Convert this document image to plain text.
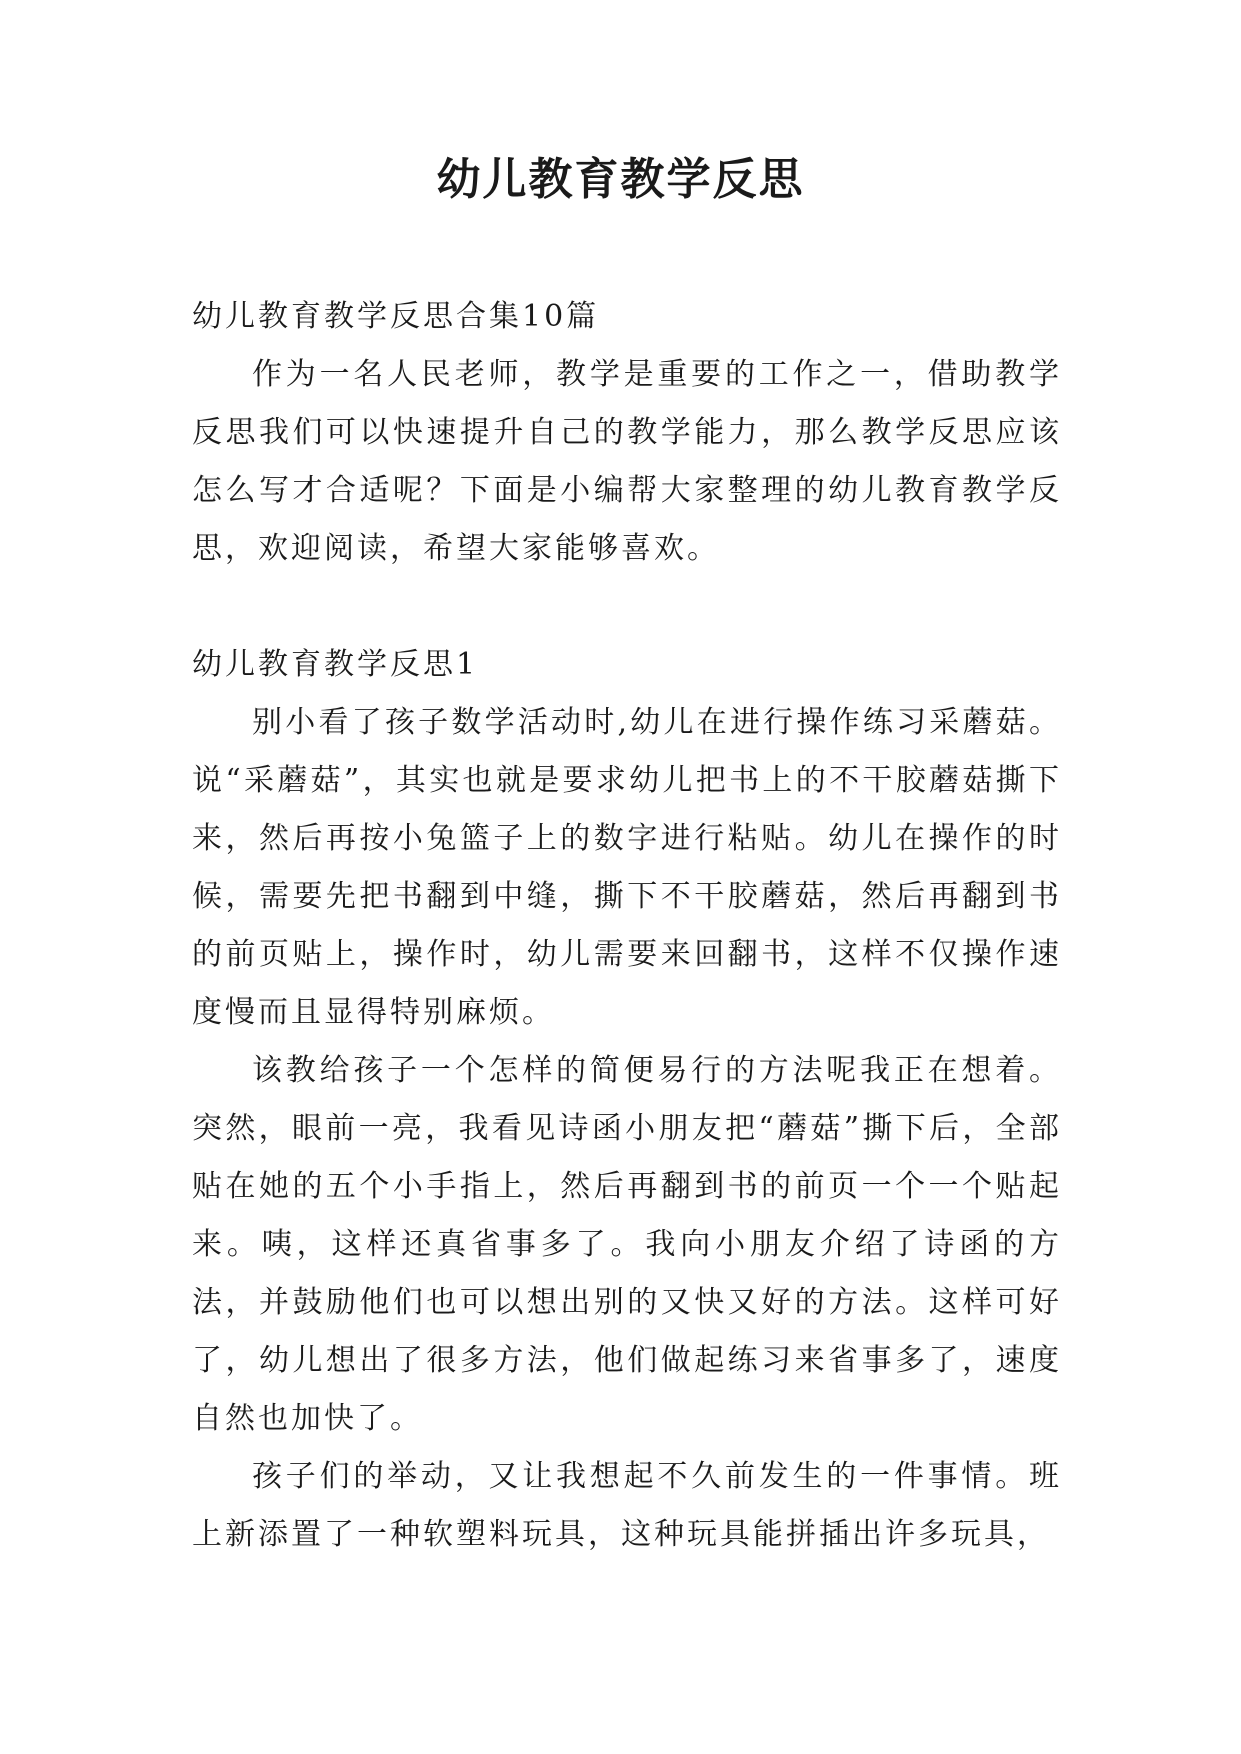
幼儿教育教学反思

幼儿教育教学反思合集10篇

作为一名人民老师，教学是重要的工作之一，借助教学反思我们可以快速提升自己的教学能力，那么教学反思应该怎么写才合适呢？下面是小编帮大家整理的幼儿教育教学反思，欢迎阅读，希望大家能够喜欢。

幼儿教育教学反思1

别小看了孩子数学活动时,幼儿在进行操作练习采蘑菇。说“采蘑菇”，其实也就是要求幼儿把书上的不干胶蘑菇撕下来，然后再按小兔篮子上的数字进行粘贴。幼儿在操作的时候，需要先把书翻到中缝，撕下不干胶蘑菇，然后再翻到书的前页贴上，操作时，幼儿需要来回翻书，这样不仅操作速度慢而且显得特别麻烦。

该教给孩子一个怎样的简便易行的方法呢我正在想着。突然，眼前一亮，我看见诗函小朋友把“蘑菇”撕下后，全部贴在她的五个小手指上，然后再翻到书的前页一个一个贴起来。咦，这样还真省事多了。我向小朋友介绍了诗函的方法，并鼓励他们也可以想出别的又快又好的方法。这样可好了，幼儿想出了很多方法，他们做起练习来省事多了，速度自然也加快了。

孩子们的举动，又让我想起不久前发生的一件事情。班上新添置了一种软塑料玩具，这种玩具能拼插出许多玩具，
